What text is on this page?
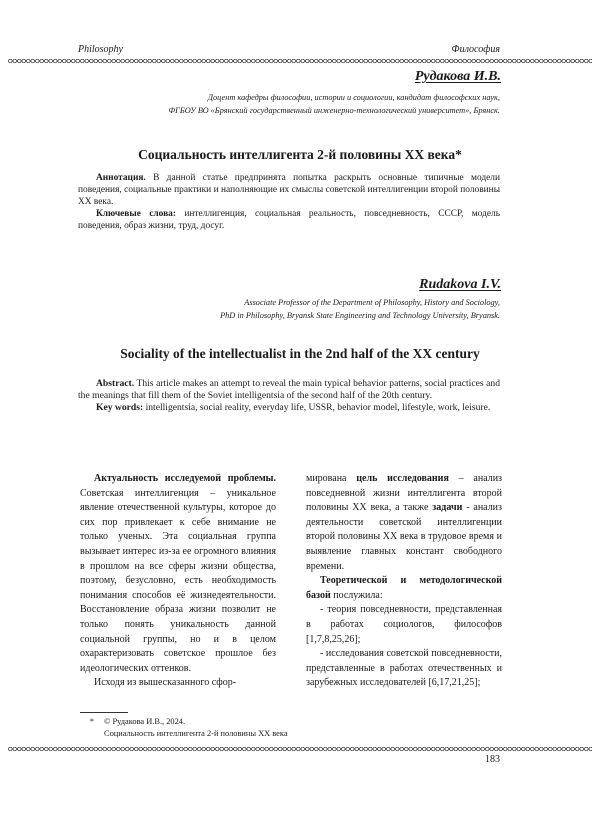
Philosophy	Философия
Рудакова И.В.
Доцент кафедры философии, истории и социологии, кандидат философских наук,
ФГБОУ ВО «Брянский государственный инженерно-технологический университет», Брянск.
Социальность интеллигента 2-й половины XX века*

Аннотация. В данной статье предпринята попытка раскрыть основные типичные модели поведения, социальные практики и наполняющие их смыслы советской интеллигенции второй половины XX века.

Ключевые слова: интеллигенция, социальная реальность, повседневность, СССР, модель поведения, образ жизни, труд, досуг.

Rudakova I.V.
Associate Professor of the Department of Philosophy, History and Sociology,
PhD in Philosophy, Bryansk State Engineering and Technology University, Bryansk.
Sociality of the intellectualist in the 2nd half of the XX century

Abstract. This article makes an attempt to reveal the main typical behavior patterns, social practices and the meanings that fill them of the Soviet intelligentsia of the second half of the 20th century.

Key words: intelligentsia, social reality, everyday life, USSR, behavior model, lifestyle, work, leisure.

Актуальность исследуемой проблемы. Советская интеллигенция – уникальное явление отечественной культуры, которое до сих пор привлекает к себе внимание не только ученых. Эта социальная группа вызывает интерес из-за ее огромного влияния в прошлом на все сферы жизни общества, поэтому, безусловно, есть необходимость понимания способов её жизнедеятельности. Восстановление образа жизни позволит не только понять уникальность данной социальной группы, но и в целом охарактеризовать советское прошлое без идеологических оттенков.

Исходя из вышесказанного сфор-

мирована цель исследования – анализ повседневной жизни интеллигента второй половины XX века, а также задачи - анализ деятельности советской интеллигенции второй половины XX века в трудовое время и выявление главных констант свободного времени.

Теоретической и методологической базой послужила:

- теория повседневности, представленная в работах социологов, философов [1,7,8,25,26];

- исследования советской повседневности, представленные в работах отечественных и зарубежных исследователей [6,17,21,25];

* © Рудакова И.В., 2024.
Социальность интеллигента 2-й половины XX века
183
